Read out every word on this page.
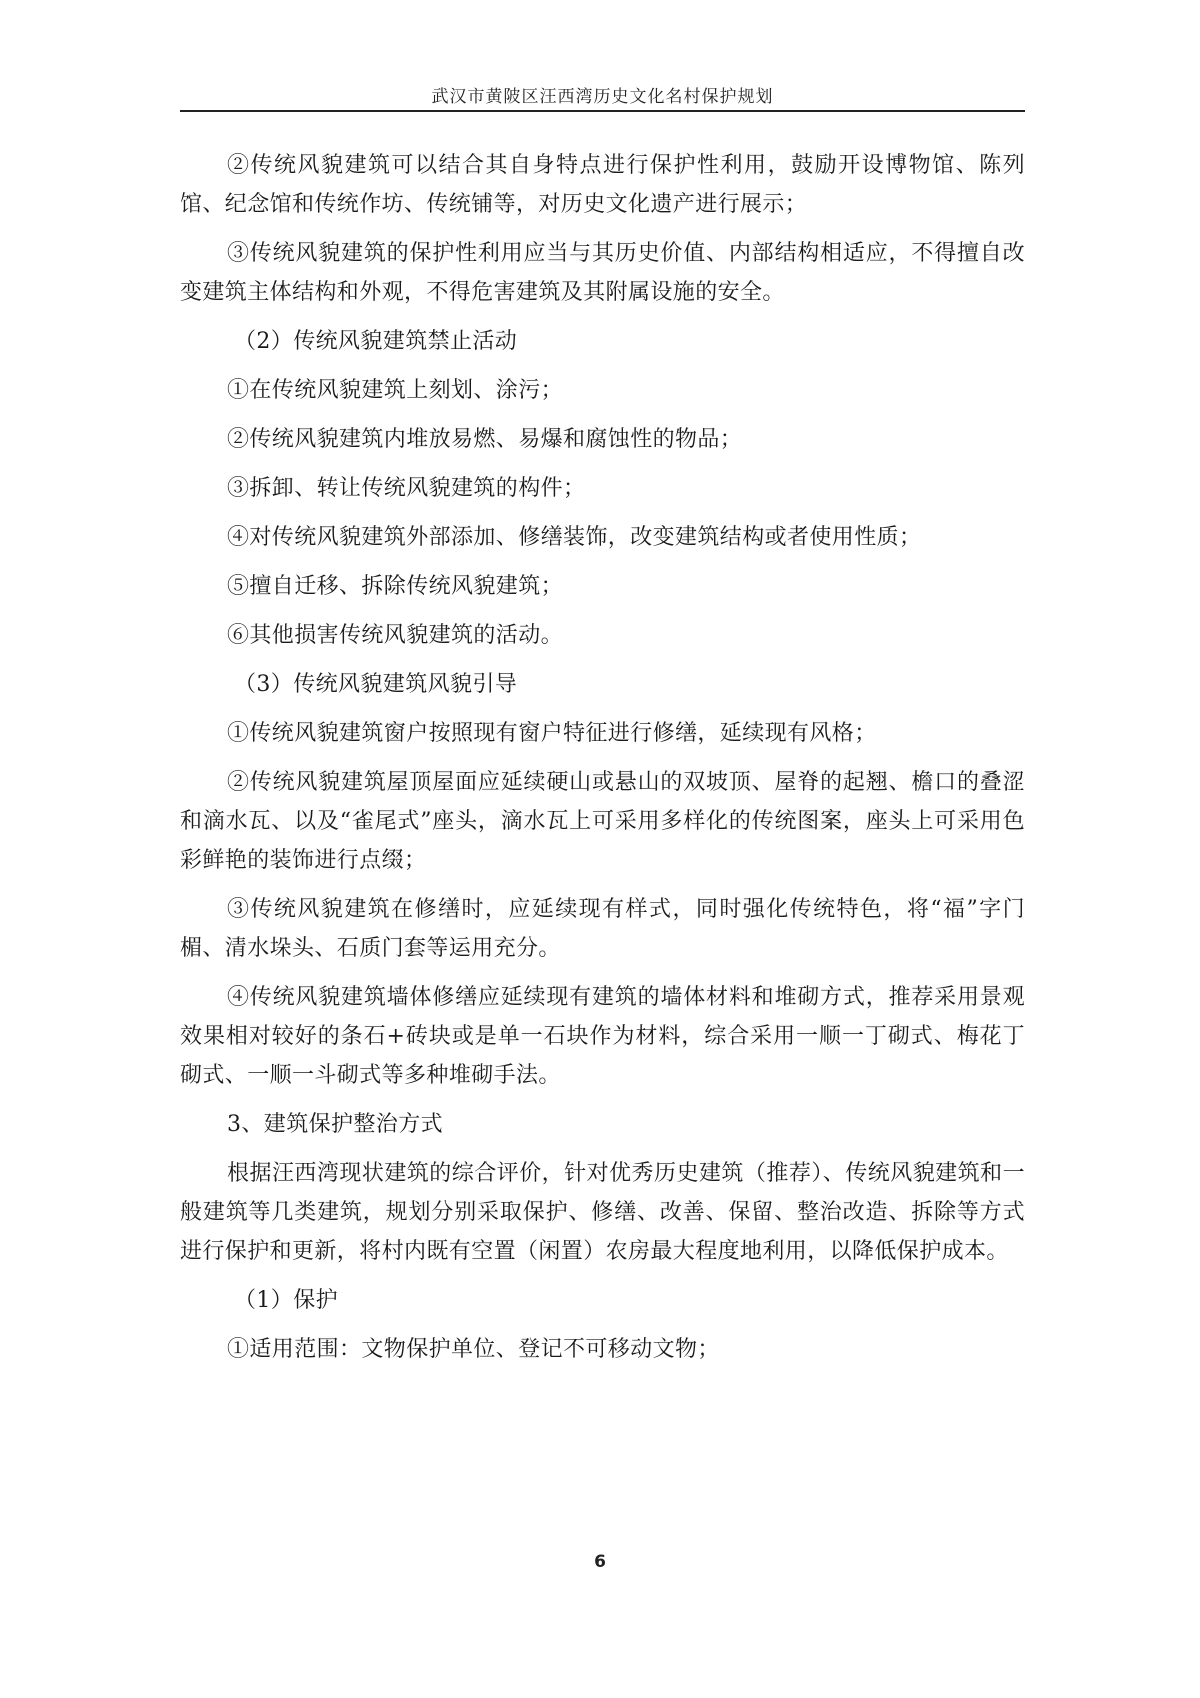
武汉市黄陂区汪西湾历史文化名村保护规划

②传统风貌建筑可以结合其自身特点进行保护性利用，鼓励开设博物馆、陈列馆、纪念馆和传统作坊、传统铺等，对历史文化遗产进行展示；

③传统风貌建筑的保护性利用应当与其历史价值、内部结构相适应，不得擅自改变建筑主体结构和外观，不得危害建筑及其附属设施的安全。

（2）传统风貌建筑禁止活动

①在传统风貌建筑上刻划、涂污；

②传统风貌建筑内堆放易燃、易爆和腐蚀性的物品；

③拆卸、转让传统风貌建筑的构件；

④对传统风貌建筑外部添加、修缮装饰，改变建筑结构或者使用性质；

⑤擅自迁移、拆除传统风貌建筑；

⑥其他损害传统风貌建筑的活动。

（3）传统风貌建筑风貌引导

①传统风貌建筑窗户按照现有窗户特征进行修缮，延续现有风格；

②传统风貌建筑屋顶屋面应延续硬山或悬山的双坡顶、屋脊的起翘、檐口的叠涩和滴水瓦、以及“雀尾式”座头，滴水瓦上可采用多样化的传统图案，座头上可采用色彩鲜艳的装饰进行点缀；

③传统风貌建筑在修缮时，应延续现有样式，同时强化传统特色，将“福”字门楣、清水垛头、石质门套等运用充分。

④传统风貌建筑墙体修缮应延续现有建筑的墙体材料和堆砌方式，推荐采用景观效果相对较好的条石+砖块或是单一石块作为材料，综合采用一顺一丁砌式、梅花丁砌式、一顺一斗砌式等多种堆砌手法。

3、建筑保护整治方式

根据汪西湾现状建筑的综合评价，针对优秀历史建筑（推荐）、传统风貌建筑和一般建筑等几类建筑，规划分别采取保护、修缮、改善、保留、整治改造、拆除等方式进行保护和更新，将村内既有空置（闲置）农房最大程度地利用，以降低保护成本。

（1）保护

①适用范围：文物保护单位、登记不可移动文物；

6
